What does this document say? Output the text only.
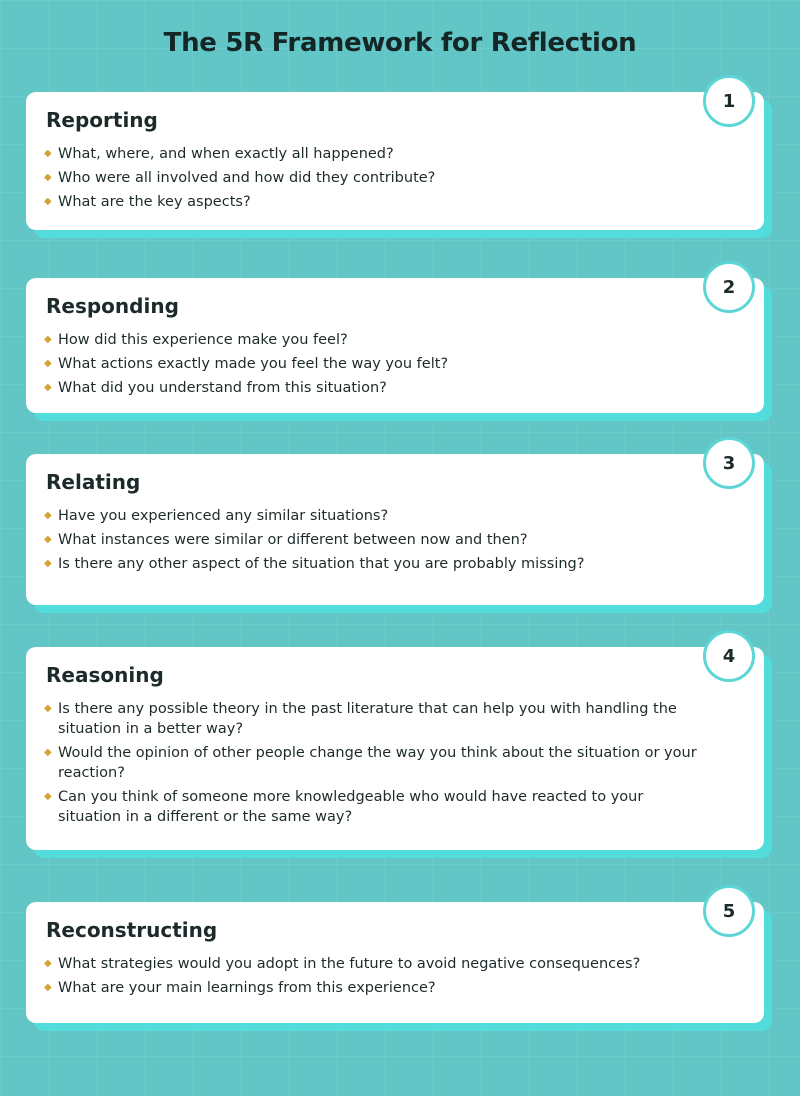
The 5R Framework for Reflection
Reporting
◆ What, where, and when exactly all happened?
◆ Who were all involved and how did they contribute?
◆ What are the key aspects?
1
Responding
◆ How did this experience make you feel?
◆ What actions exactly made you feel the way you felt?
◆ What did you understand from this situation?
2
Relating
◆ Have you experienced any similar situations?
◆ What instances were similar or different between now and then?
◆ Is there any other aspect of the situation that you are probably missing?
3
Reasoning
◆ Is there any possible theory in the past literature that can help you with handling the situation in a better way?
◆ Would the opinion of other people change the way you think about the situation or your reaction?
◆ Can you think of someone more knowledgeable who would have reacted to your situation in a different or the same way?
4
Reconstructing
◆ What strategies would you adopt in the future to avoid negative consequences?
◆ What are your main learnings from this experience?
5
